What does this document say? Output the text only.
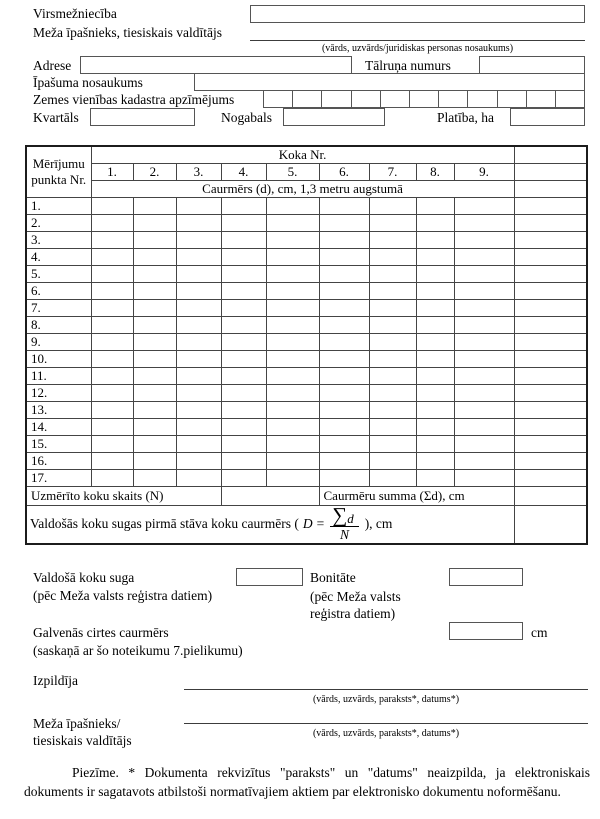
Virsmežniecība
Meža īpašnieks, tiesiskais valdītājs
(vārds, uzvārds/juridiskas personas nosaukums)
Adrese	Tālruņa numurs
Īpašuma nosaukums
Zemes vienības kadastra apzīmējums
Kvartāls	Nogabals	Platība, ha
Mērījumu punkta Nr.	Koka Nr.									
	1.	2.	3.	4.	5.	6.	7.	8.	9.	
	Caurmērs (d), cm, 1,3 metru augstumā									
1.										
2.										
3.										
4.										
5.										
6.										
7.										
8.										
9.										
10.										
11.										
12.										
13.										
14.										
15.										
16.										
17.										
Uzmērīto koku skaits (N)						Caurmēru summa (Σd), cm				

Valdošās koku sugas pirmā stāva koku caurmērs ( $D = \frac{\sum d}{N}$ ), cm

Valdošā koku suga	Bonitāte
(pēc Meža valsts reģistra datiem)	(pēc Meža valsts reģistra datiem)
Galvenās cirtes caurmērs	cm
(saskaņā ar šo noteikumu 7.pielikumu)
Izpildīja
(vārds, uzvārds, paraksts*, datums*)
Meža īpašnieks/
tiesiskais valdītājs	(vārds, uzvārds, paraksts*, datums*)
Piezīme. * Dokumenta rekvizītus "paraksts" un "datums" neaizpilda, ja elektroniskais dokuments ir sagatavots atbilstoši normatīvajiem aktiem par elektronisko dokumentu noformēšanu.
